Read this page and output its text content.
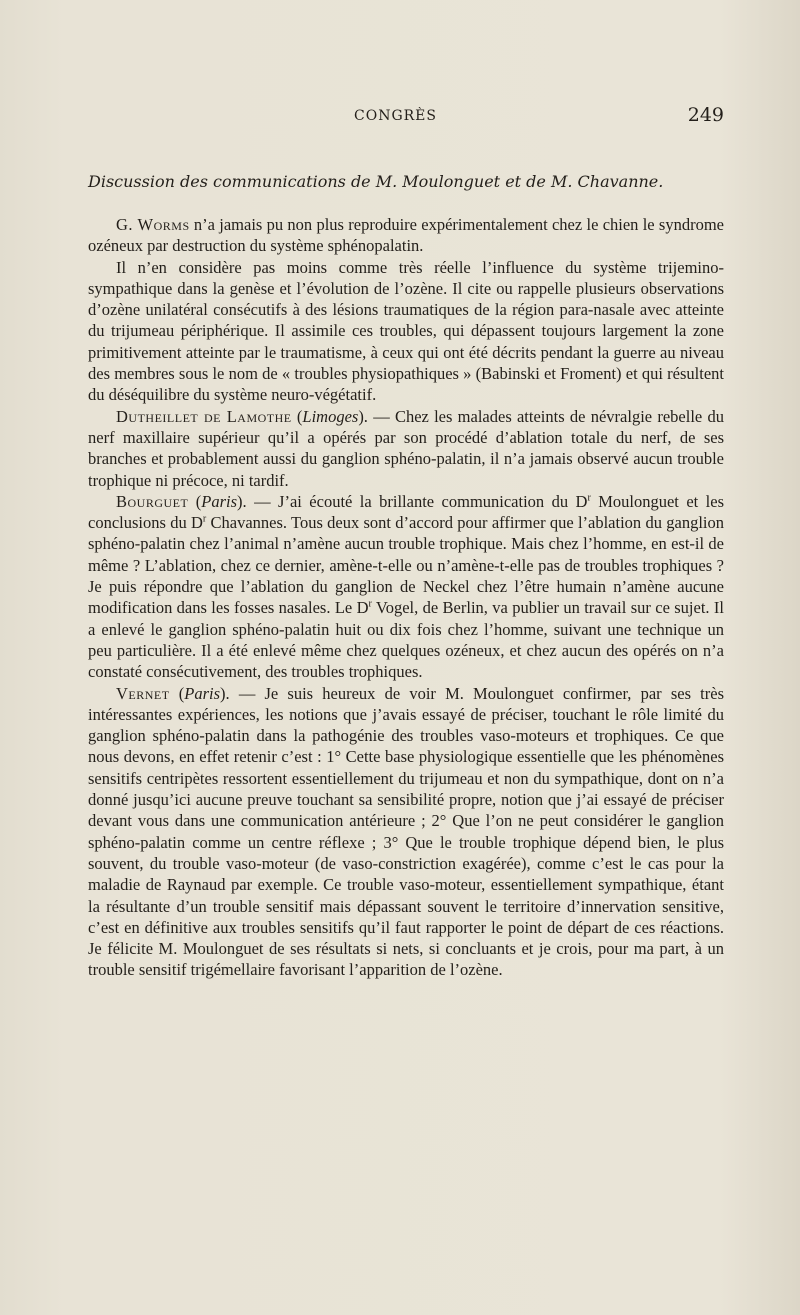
CONGRÈS	249
Discussion des communications de M. Moulonguet et de M. Chavanne.

G. Worms n’a jamais pu non plus reproduire expérimentalement chez le chien le syndrome ozéneux par destruction du système sphénopalatin.

Il n’en considère pas moins comme très réelle l’influence du système trijemino-sympathique dans la genèse et l’évolution de l’ozène. Il cite ou rappelle plusieurs observations d’ozène unilatéral consécutifs à des lésions traumatiques de la région para-nasale avec atteinte du trijumeau périphérique. Il assimile ces troubles, qui dépassent toujours largement la zone primitivement atteinte par le traumatisme, à ceux qui ont été décrits pendant la guerre au niveau des membres sous le nom de « troubles physiopathiques » (Babinski et Froment) et qui résultent du déséquilibre du système neuro-végétatif.

Dutheillet de Lamothe (Limoges). — Chez les malades atteints de névralgie rebelle du nerf maxillaire supérieur qu’il a opérés par son procédé d’ablation totale du nerf, de ses branches et probablement aussi du ganglion sphéno-palatin, il n’a jamais observé aucun trouble trophique ni précoce, ni tardif.

Bourguet (Paris). — J’ai écouté la brillante communication du $D^r$ Moulonguet et les conclusions du $D^r$ Chavannes. Tous deux sont d’accord pour affirmer que l’ablation du ganglion sphéno-palatin chez l’animal n’amène aucun trouble trophique. Mais chez l’homme, en est-il de même ? L’ablation, chez ce dernier, amène-t-elle ou n’amène-t-elle pas de troubles trophiques ? Je puis répondre que l’ablation du ganglion de Neckel chez l’être humain n’amène aucune modification dans les fosses nasales. Le $D^r$ Vogel, de Berlin, va publier un travail sur ce sujet. Il a enlevé le ganglion sphéno-palatin huit ou dix fois chez l’homme, suivant une technique un peu particulière. Il a été enlevé même chez quelques ozéneux, et chez aucun des opérés on n’a constaté consécutivement, des troubles trophiques.

Vernet (Paris). — Je suis heureux de voir M. Moulonguet confirmer, par ses très intéressantes expériences, les notions que j’avais essayé de préciser, touchant le rôle limité du ganglion sphéno-palatin dans la pathogénie des troubles vaso-moteurs et trophiques. Ce que nous devons, en effet retenir c’est : 1° Cette base physiologique essentielle que les phénomènes sensitifs centripètes ressortent essentiellement du trijumeau et non du sympathique, dont on n’a donné jusqu’ici aucune preuve touchant sa sensibilité propre, notion que j’ai essayé de préciser devant vous dans une communication antérieure ; 2° Que l’on ne peut considérer le ganglion sphéno-palatin comme un centre réflexe ; 3° Que le trouble trophique dépend bien, le plus souvent, du trouble vaso-moteur (de vaso-constriction exagérée), comme c’est le cas pour la maladie de Raynaud par exemple. Ce trouble vaso-moteur, essentiellement sympathique, étant la résultante d’un trouble sensitif mais dépassant souvent le territoire d’innervation sensitive, c’est en définitive aux troubles sensitifs qu’il faut rapporter le point de départ de ces réactions. Je félicite M. Moulonguet de ses résultats si nets, si concluants et je crois, pour ma part, à un trouble sensitif trigémellaire favorisant l’apparition de l’ozène.
